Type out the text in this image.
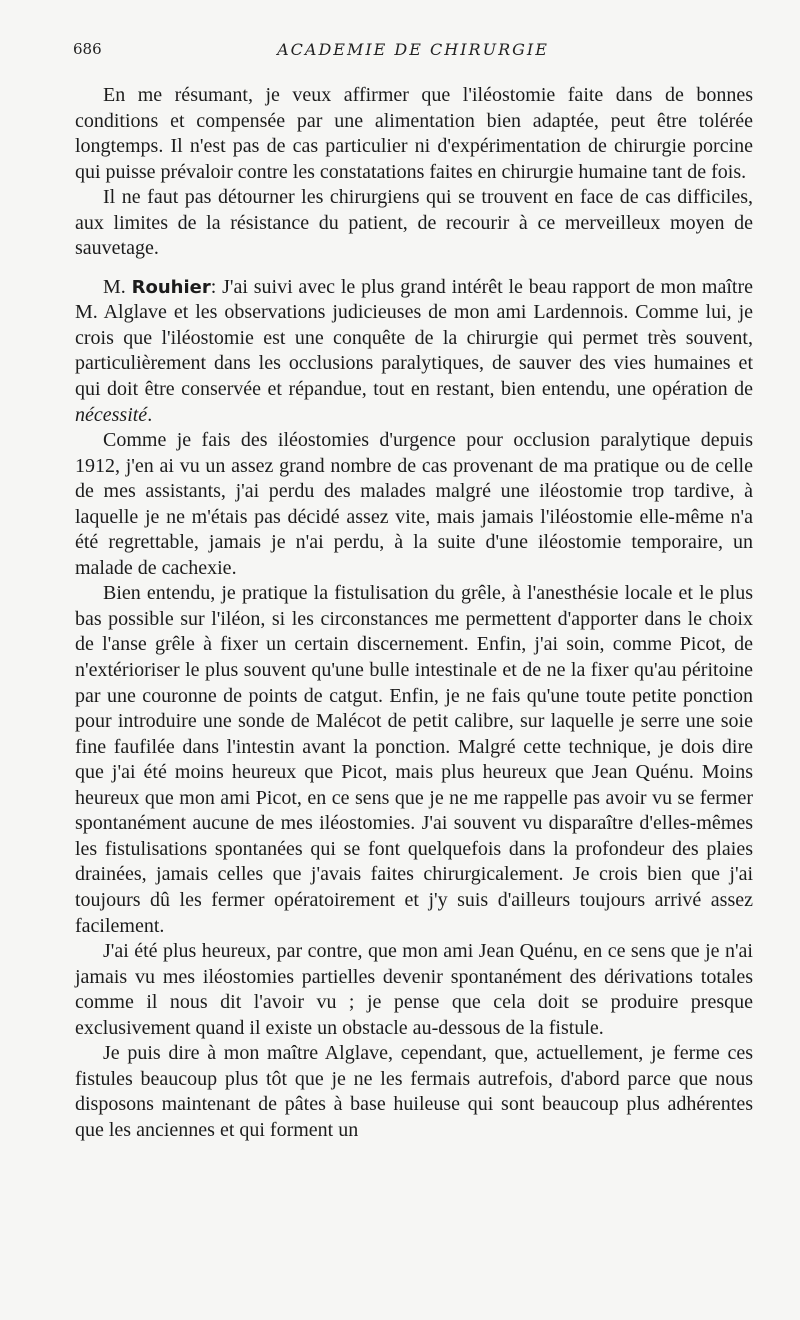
686	ACADEMIE DE CHIRURGIE

En me résumant, je veux affirmer que l'iléostomie faite dans de bonnes conditions et compensée par une alimentation bien adaptée, peut être tolérée longtemps. Il n'est pas de cas particulier ni d'expérimentation de chirurgie porcine qui puisse prévaloir contre les constatations faites en chirurgie humaine tant de fois.

Il ne faut pas détourner les chirurgiens qui se trouvent en face de cas difficiles, aux limites de la résistance du patient, de recourir à ce merveilleux moyen de sauvetage.

M. Rouhier: J'ai suivi avec le plus grand intérêt le beau rapport de mon maître M. Alglave et les observations judicieuses de mon ami Lardennois. Comme lui, je crois que l'iléostomie est une conquête de la chirurgie qui permet très souvent, particulièrement dans les occlusions paralytiques, de sauver des vies humaines et qui doit être conservée et répandue, tout en restant, bien entendu, une opération de nécessité.

Comme je fais des iléostomies d'urgence pour occlusion paralytique depuis 1912, j'en ai vu un assez grand nombre de cas provenant de ma pratique ou de celle de mes assistants, j'ai perdu des malades malgré une iléostomie trop tardive, à laquelle je ne m'étais pas décidé assez vite, mais jamais l'iléostomie elle-même n'a été regrettable, jamais je n'ai perdu, à la suite d'une iléostomie temporaire, un malade de cachexie.

Bien entendu, je pratique la fistulisation du grêle, à l'anesthésie locale et le plus bas possible sur l'iléon, si les circonstances me permettent d'apporter dans le choix de l'anse grêle à fixer un certain discernement. Enfin, j'ai soin, comme Picot, de n'extérioriser le plus souvent qu'une bulle intestinale et de ne la fixer qu'au péritoine par une couronne de points de catgut. Enfin, je ne fais qu'une toute petite ponction pour introduire une sonde de Malécot de petit calibre, sur laquelle je serre une soie fine faufilée dans l'intestin avant la ponction. Malgré cette technique, je dois dire que j'ai été moins heureux que Picot, mais plus heureux que Jean Quénu. Moins heureux que mon ami Picot, en ce sens que je ne me rappelle pas avoir vu se fermer spontanément aucune de mes iléostomies. J'ai souvent vu disparaître d'elles-mêmes les fistulisations spontanées qui se font quelquefois dans la profondeur des plaies drainées, jamais celles que j'avais faites chirurgicalement. Je crois bien que j'ai toujours dû les fermer opératoirement et j'y suis d'ailleurs toujours arrivé assez facilement.

J'ai été plus heureux, par contre, que mon ami Jean Quénu, en ce sens que je n'ai jamais vu mes iléostomies partielles devenir spontanément des dérivations totales comme il nous dit l'avoir vu ; je pense que cela doit se produire presque exclusivement quand il existe un obstacle au-dessous de la fistule.

Je puis dire à mon maître Alglave, cependant, que, actuellement, je ferme ces fistules beaucoup plus tôt que je ne les fermais autrefois, d'abord parce que nous disposons maintenant de pâtes à base huileuse qui sont beaucoup plus adhérentes que les anciennes et qui forment un
